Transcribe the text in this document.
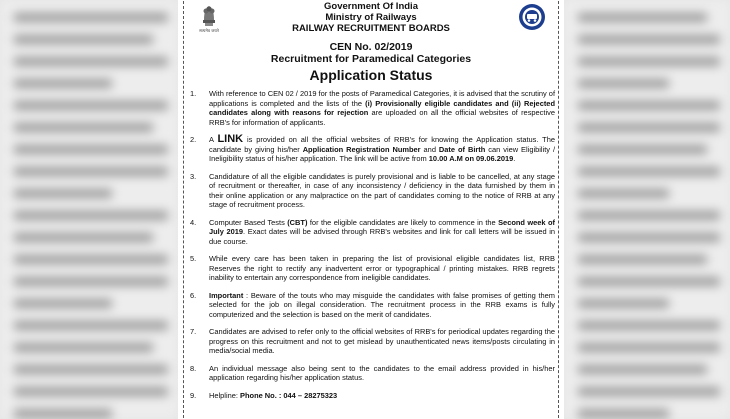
सत्यमेव जयते
Government Of India
Ministry of Railways
RAILWAY RECRUITMENT BOARDS
CEN No. 02/2019
Recruitment for Paramedical Categories
Application Status
1.	With reference to CEN 02 / 2019 for the posts of Paramedical Categories, it is advised that the scrutiny of applications is completed and the lists of the (i) Provisionally eligible candidates and (ii) Rejected candidates along with reasons for rejection are uploaded on all the official websites of respective RRB's for information of applicants.
2.	A LINK is provided on all the official websites of RRB's for knowing the Application status. The candidate by giving his/her Application Registration Number and Date of Birth can view Eligibility / Ineligibility status of his/her application. The link will be active from 10.00 A.M on 09.06.2019.
3.	Candidature of all the eligible candidates is purely provisional and is liable to be cancelled, at any stage of recruitment or thereafter, in case of any inconsistency / deficiency in the data furnished by them in their online application or any malpractice on the part of candidates coming to the notice of RRB at any stage of recruitment process.
4.	Computer Based Tests (CBT) for the eligible candidates are likely to commence in the Second week of July 2019. Exact dates will be advised through RRB's websites and link for call letters will be issued in due course.
5.	While every care has been taken in preparing the list of provisional eligible candidates list, RRB Reserves the right to rectify any inadvertent error or typographical / printing mistakes. RRB regrets inability to entertain any correspondence from ineligible candidates.
6.	Important : Beware of the touts who may misguide the candidates with false promises of getting them selected for the job on illegal consideration. The recruitment process in the RRB exams is fully computerized and the selection is based on the merit of candidates.
7.	Candidates are advised to refer only to the official websites of RRB's for periodical updates regarding the progress on this recruitment and not to get mislead by unauthenticated news items/posts circulating in media/social media.
8.	An individual message also being sent to the candidates to the email address provided in his/her application regarding his/her application status.
9.	Helpline: Phone No. : 044 – 28275323
